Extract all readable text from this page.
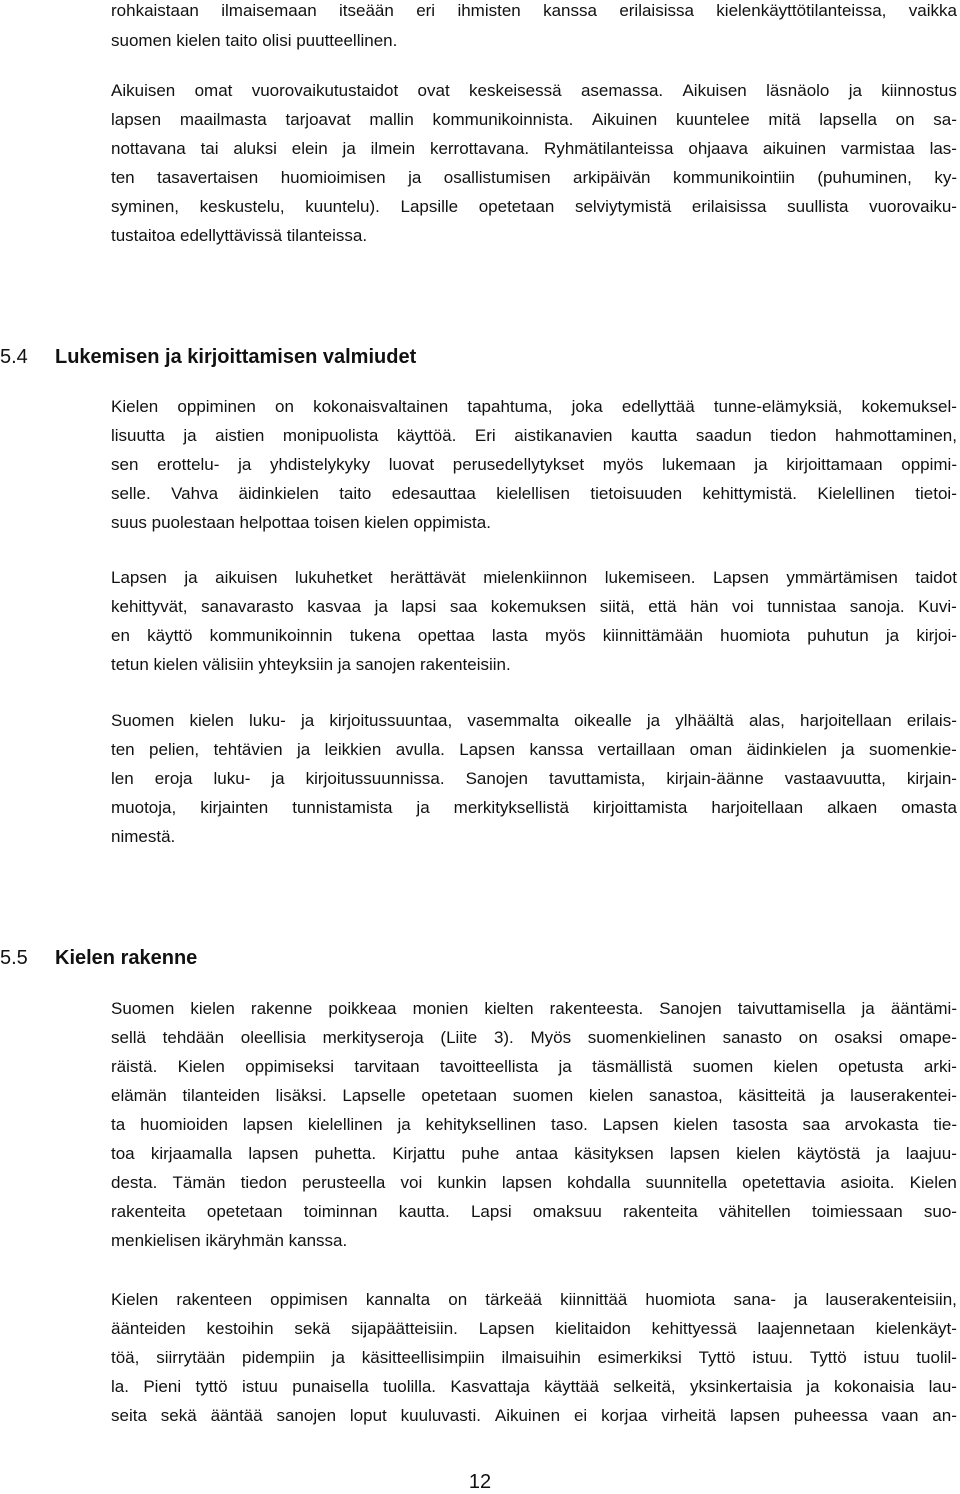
rohkaistaan ilmaisemaan itseään eri ihmisten kanssa erilaisissa kielenkäyttötilanteissa, vaikka
suomen kielen taito olisi puutteellinen.
Aikuisen omat vuorovaikutustaidot ovat keskeisessä asemassa. Aikuisen läsnäolo ja kiinnostus
lapsen maailmasta tarjoavat mallin kommunikoinnista. Aikuinen kuuntelee mitä lapsella on sa-
nottavana tai aluksi elein ja ilmein kerrottavana. Ryhmätilanteissa ohjaava aikuinen varmistaa las-
ten tasavertaisen huomioimisen ja osallistumisen arkipäivän kommunikointiin (puhuminen, ky-
syminen, keskustelu, kuuntelu). Lapsille opetetaan selviytymistä erilaisissa suullista vuorovaiku-
tustaitoa edellyttävissä tilanteissa.
5.4 Lukemisen ja kirjoittamisen valmiudet
Kielen oppiminen on kokonaisvaltainen tapahtuma, joka edellyttää tunne-elämyksiä, kokemuksel-
lisuutta ja aistien monipuolista käyttöä. Eri aistikanavien kautta saadun tiedon hahmottaminen,
sen erottelu- ja yhdistelykyky luovat perusedellytykset myös lukemaan ja kirjoittamaan oppimi-
selle. Vahva äidinkielen taito edesauttaa kielellisen tietoisuuden kehittymistä. Kielellinen tietoi-
suus puolestaan helpottaa toisen kielen oppimista.
Lapsen ja aikuisen lukuhetket herättävät mielenkiinnon lukemiseen. Lapsen ymmärtämisen taidot
kehittyvät, sanavarasto kasvaa ja lapsi saa kokemuksen siitä, että hän voi tunnistaa sanoja. Kuvi-
en käyttö kommunikoinnin tukena opettaa lasta myös kiinnittämään huomiota puhutun ja kirjoi-
tetun kielen välisiin yhteyksiin ja sanojen rakenteisiin.
Suomen kielen luku- ja kirjoitussuuntaa, vasemmalta oikealle ja ylhäältä alas, harjoitellaan erilais-
ten pelien, tehtävien ja leikkien avulla. Lapsen kanssa vertaillaan oman äidinkielen ja suomenkie-
len eroja luku- ja kirjoitussuunnissa. Sanojen tavuttamista, kirjain-äänne vastaavuutta, kirjain-
muotoja, kirjainten tunnistamista ja merkityksellistä kirjoittamista harjoitellaan alkaen omasta
nimestä.
5.5 Kielen rakenne
Suomen kielen rakenne poikkeaa monien kielten rakenteesta. Sanojen taivuttamisella ja ääntämi-
sellä tehdään oleellisia merkityseroja (Liite 3). Myös suomenkielinen sanasto on osaksi omape-
räistä. Kielen oppimiseksi tarvitaan tavoitteellista ja täsmällistä suomen kielen opetusta arki-
elämän tilanteiden lisäksi. Lapselle opetetaan suomen kielen sanastoa, käsitteitä ja lauserakentei-
ta huomioiden lapsen kielellinen ja kehityksellinen taso. Lapsen kielen tasosta saa arvokasta tie-
toa kirjaamalla lapsen puhetta. Kirjattu puhe antaa käsityksen lapsen kielen käytöstä ja laajuu-
desta. Tämän tiedon perusteella voi kunkin lapsen kohdalla suunnitella opetettavia asioita. Kielen
rakenteita opetetaan toiminnan kautta. Lapsi omaksuu rakenteita vähitellen toimiessaan suo-
menkielisen ikäryhmän kanssa.
Kielen rakenteen oppimisen kannalta on tärkeää kiinnittää huomiota sana- ja lauserakenteisiin,
äänteiden kestoihin sekä sijapäätteisiin. Lapsen kielitaidon kehittyessä laajennetaan kielenkäyt-
töä, siirrytään pidempiin ja käsitteellisimpiin ilmaisuihin esimerkiksi Tyttö istuu. Tyttö istuu tuolil-
la. Pieni tyttö istuu punaisella tuolilla. Kasvattaja käyttää selkeitä, yksinkertaisia ja kokonaisia lau-
seita sekä ääntää sanojen loput kuuluvasti. Aikuinen ei korjaa virheitä lapsen puheessa vaan an-
12
